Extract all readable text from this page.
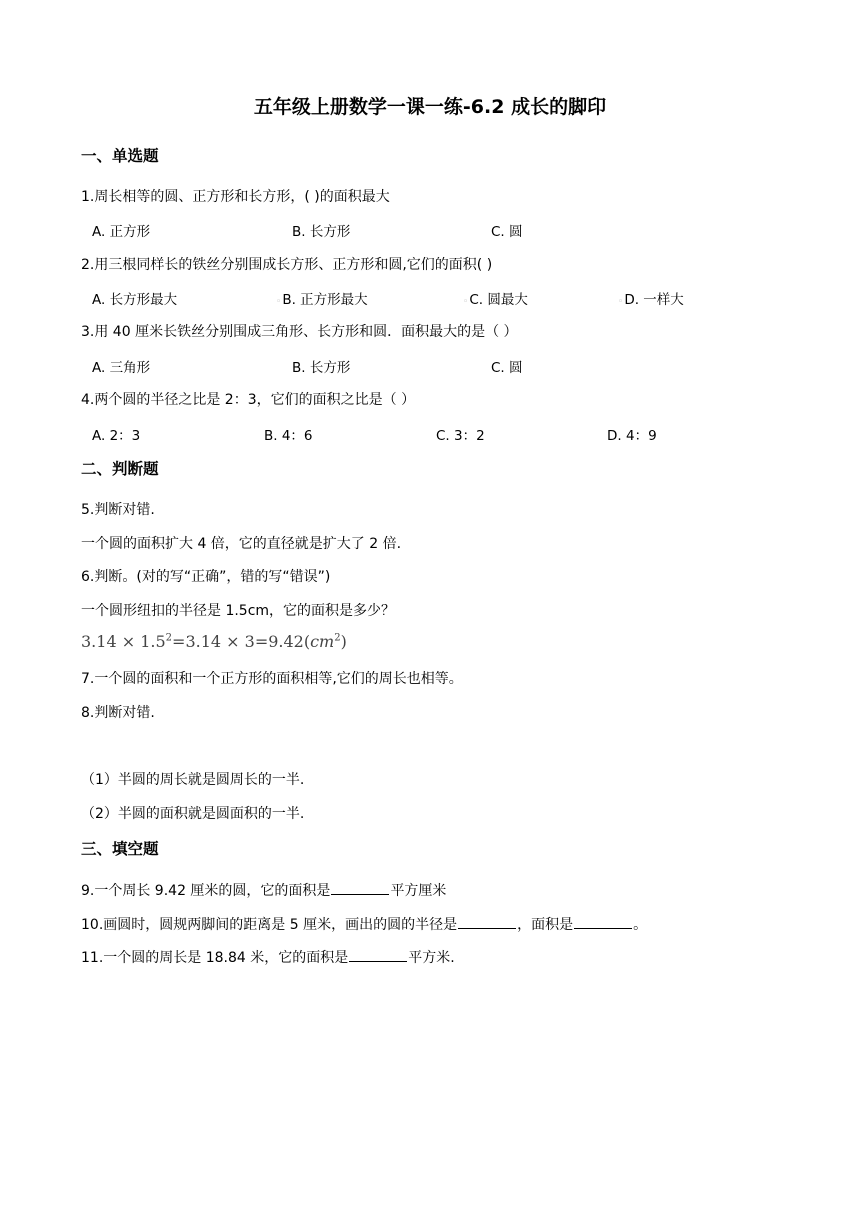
五年级上册数学一课一练-6.2 成长的脚印
一、单选题
1.周长相等的圆、正方形和长方形，( )的面积最大
A. 正方形	B. 长方形	C. 圆
2.用三根同样长的铁丝分别围成长方形、正方形和圆,它们的面积( )
A. 长方形最大	◦B. 正方形最大	◦C. 圆最大	◦D. 一样大
3.用 40 厘米长铁丝分别围成三角形、长方形和圆．面积最大的是（ ）
A. 三角形	B. 长方形	C. 圆
4.两个圆的半径之比是 2：3，它们的面积之比是（ ）
A. 2：3	B. 4：6	C. 3：2	D. 4：9
二、判断题
5.判断对错.
一个圆的面积扩大 4 倍，它的直径就是扩大了 2 倍.
6.判断。(对的写“正确”，错的写“错误”)
一个圆形纽扣的半径是 1.5cm，它的面积是多少？
$3.14 \times 1.5^2=3.14 \times 3=9.42(cm^2)$
7.一个圆的面积和一个正方形的面积相等,它们的周长也相等。
8.判断对错.
（1）半圆的周长就是圆周长的一半.
（2）半圆的面积就是圆面积的一半.
三、填空题
9.一个周长 9.42 厘米的圆，它的面积是	平方厘米
10.画圆时，圆规两脚间的距离是 5 厘米，画出的圆的半径是	，面积是	。
11.一个圆的周长是 18.84 米，它的面积是	平方米.
